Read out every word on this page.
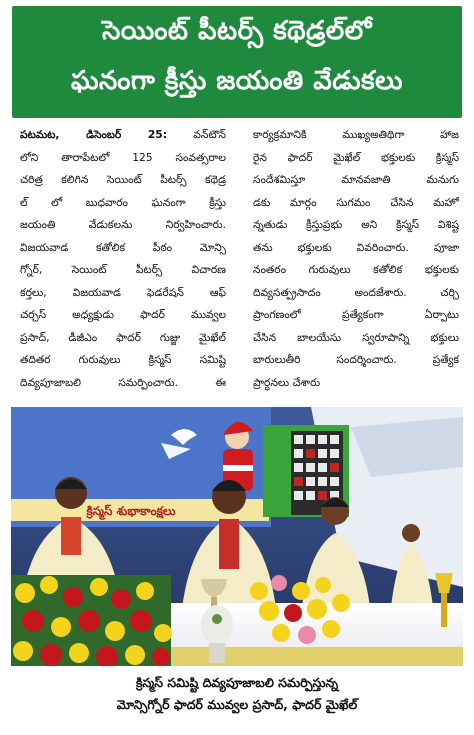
సెయింట్ పీటర్స్ కథెడ్రల్‌లో
ఘనంగా క్రీస్తు జయంతి వేడుకలు
పటమట, డిసెంబర్ 25: వన్‌టౌన్
లోని తారాపేటలో 125 సంవత్సరాల
చరిత్ర కలిగిన సెయింట్ పీటర్స్ కథెడ్ర
ల్ లో బుధవారం ఘనంగా క్రీస్తు
జయంతి వేడుకలను నిర్వహించారు.
విజయవాడ కతోలిక పీఠం మోన్సి
గ్నోర్, సెయింట్ పీటర్స్ విచారణ
కర్తలు, విజయవాడ ఫెడరేషన్ ఆఫ్
చర్చస్ అధ్యక్షుడు ఫాదర్ మువ్వల
ప్రసాద్, డీజీఎం ఫాదర్ గుజ్జు మైఖేల్
తదితర గురువులు క్రిస్మస్ సమిష్టి
దివ్యపూజాబలి సమర్పించారు. ఈ
కార్యక్రమానికి ముఖ్యఅతిథిగా హాజ
రైన ఫాదర్ మైఖేల్ భక్తులకు క్రిస్మస్
సందేశమిస్తూ మానవజాతి మనుగు
డకు మార్గం సుగమం చేసిన మహో
న్నతుడు క్రీస్తుప్రభు అని క్రిస్మస్ విశిష్ట
తను భక్తులకు వివరించారు. పూజా
నంతరం గురువులు కతోలిక భక్తులకు
దివ్యసత్ప్రసాదం అందజేశారు. చర్చి
ప్రాంగణంలో ప్రత్యేకంగా ఏర్పాటు
చేసిన బాలయేసు స్వరూపాన్ని భక్తులు
బారులుతీరి సందర్శించారు. ప్రత్యేక
ప్రార్ధనలు చేశారు
క్రిస్మస్ శుభాకాంక్షలు
క్రిస్మస్ సమిష్టి దివ్యపూజాబలి సమర్పిస్తున్న
మోన్సిగ్నోర్ ఫాదర్ మువ్వల ప్రసాద్, ఫాదర్ మైఖేల్
